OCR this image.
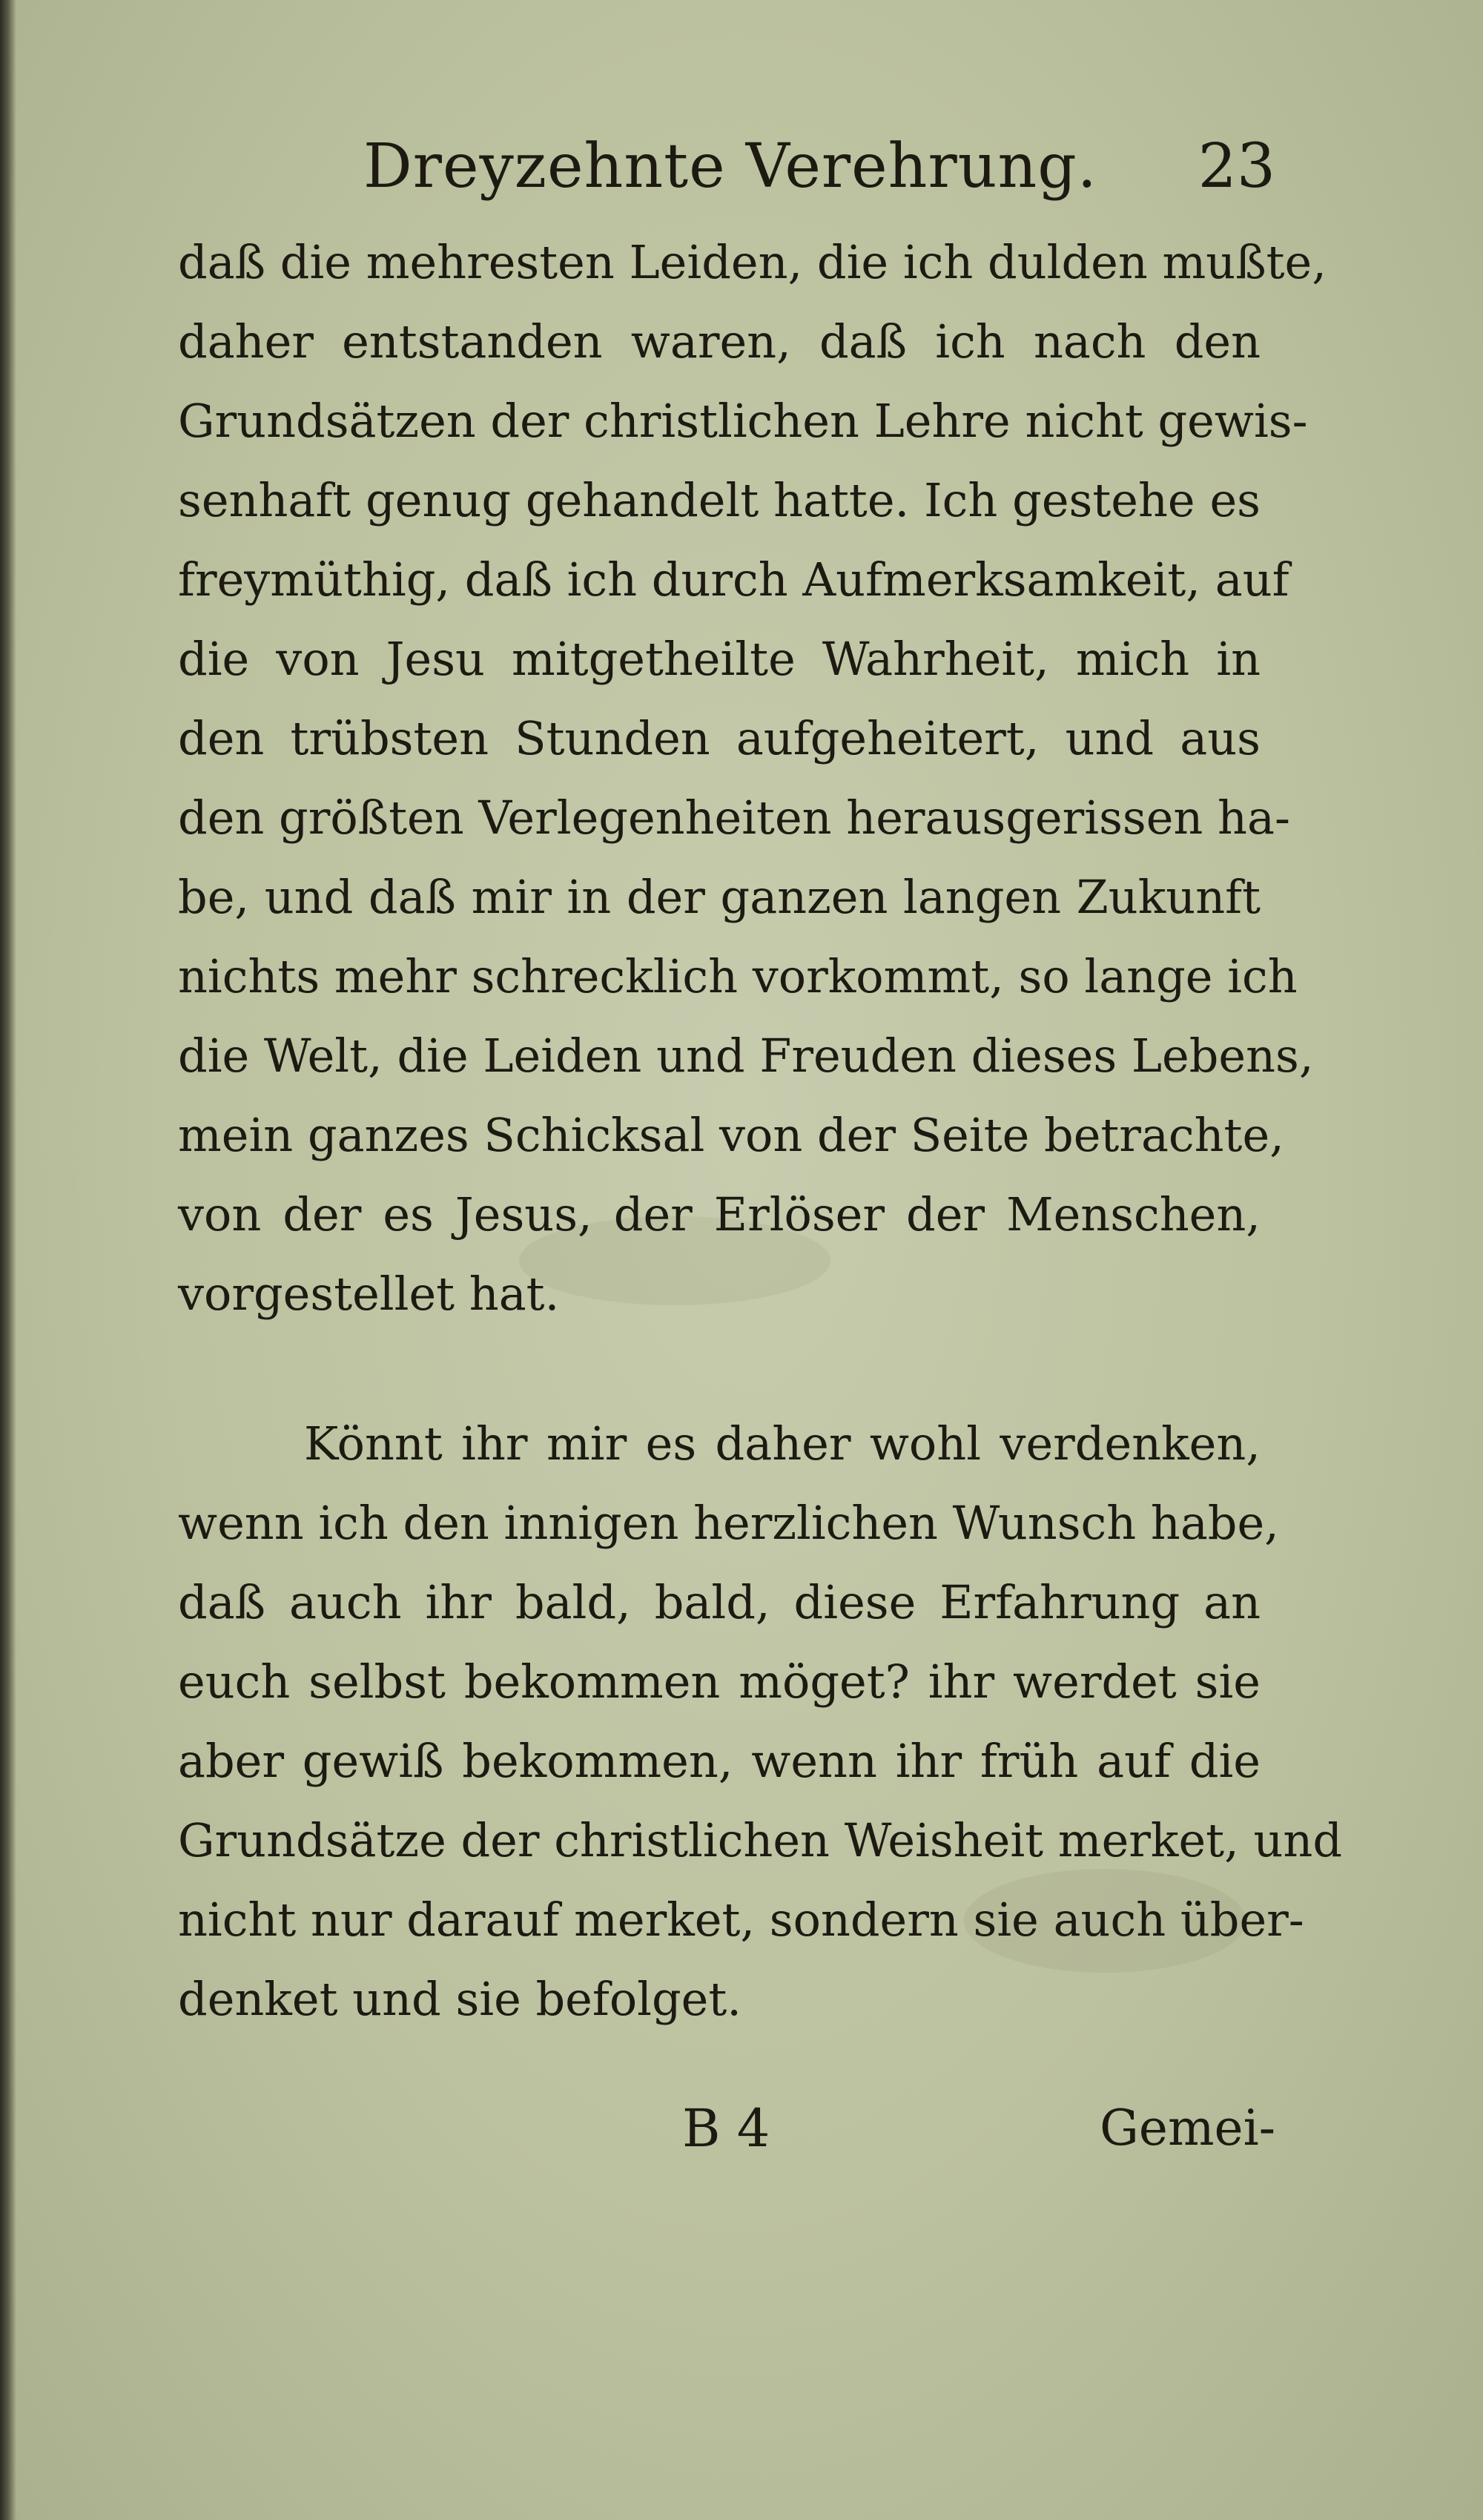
Dreyzehnte Verehrung. 23
daß die mehresten Leiden, die ich dulden mußte,
daher entstanden waren, daß ich nach den
Grundsätzen der christlichen Lehre nicht gewis-
senhaft genug gehandelt hatte. Ich gestehe es
freymüthig, daß ich durch Aufmerksamkeit, auf
die von Jesu mitgetheilte Wahrheit, mich in
den trübsten Stunden aufgeheitert, und aus
den größten Verlegenheiten herausgerissen ha-
be, und daß mir in der ganzen langen Zukunft
nichts mehr schrecklich vorkommt, so lange ich
die Welt, die Leiden und Freuden dieses Lebens,
mein ganzes Schicksal von der Seite betrachte,
von der es Jesus, der Erlöser der Menschen,
vorgestellet hat.
Könnt ihr mir es daher wohl verdenken,
wenn ich den innigen herzlichen Wunsch habe,
daß auch ihr bald, bald, diese Erfahrung an
euch selbst bekommen möget? ihr werdet sie
aber gewiß bekommen, wenn ihr früh auf die
Grundsätze der christlichen Weisheit merket, und
nicht nur darauf merket, sondern sie auch über-
denket und sie befolget.
B 4	Gemei-
